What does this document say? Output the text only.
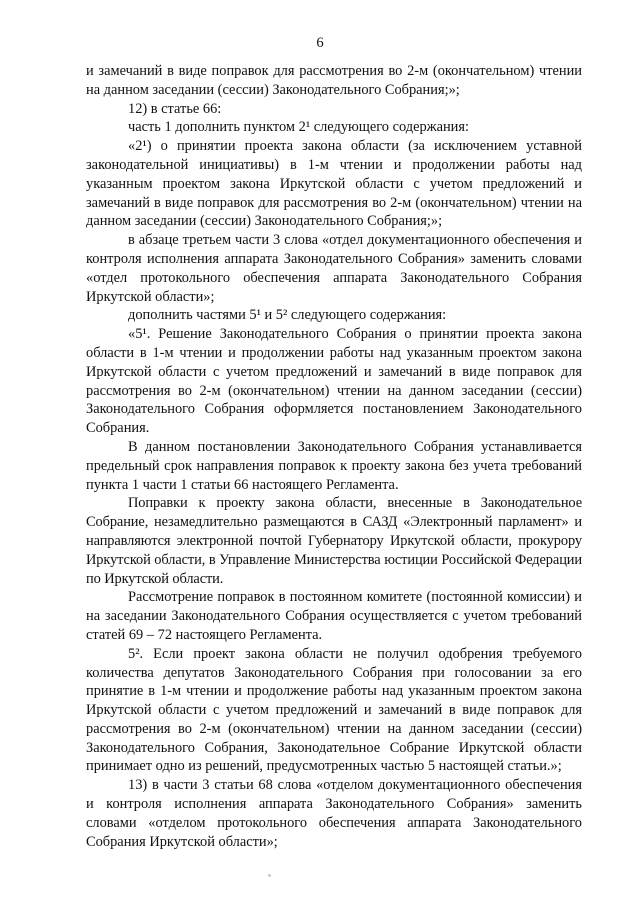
6

и замечаний в виде поправок для рассмотрения во 2-м (окончательном) чтении на данном заседании (сессии) Законодательного Собрания;»;

12) в статье 66:

часть 1 дополнить пунктом 2¹ следующего содержания:

«2¹) о принятии проекта закона области (за исключением уставной законодательной инициативы) в 1-м чтении и продолжении работы над указанным проектом закона Иркутской области с учетом предложений и замечаний в виде поправок для рассмотрения во 2-м (окончательном) чтении на данном заседании (сессии) Законодательного Собрания;»;

в абзаце третьем части 3 слова «отдел документационного обеспечения и контроля исполнения аппарата Законодательного Собрания» заменить словами «отдел протокольного обеспечения аппарата Законодательного Собрания Иркутской области»;

дополнить частями 5¹ и 5² следующего содержания:

«5¹. Решение Законодательного Собрания о принятии проекта закона области в 1-м чтении и продолжении работы над указанным проектом закона Иркутской области с учетом предложений и замечаний в виде поправок для рассмотрения во 2-м (окончательном) чтении на данном заседании (сессии) Законодательного Собрания оформляется постановлением Законодательного Собрания.

В данном постановлении Законодательного Собрания устанавливается предельный срок направления поправок к проекту закона без учета требований пункта 1 части 1 статьи 66 настоящего Регламента.

Поправки к проекту закона области, внесенные в Законодательное Собрание, незамедлительно размещаются в САЗД «Электронный парламент» и направляются электронной почтой Губернатору Иркутской области, прокурору Иркутской области, в Управление Министерства юстиции Российской Федерации по Иркутской области.

Рассмотрение поправок в постоянном комитете (постоянной комиссии) и на заседании Законодательного Собрания осуществляется с учетом требований статей 69 – 72 настоящего Регламента.

5². Если проект закона области не получил одобрения требуемого количества депутатов Законодательного Собрания при голосовании за его принятие в 1-м чтении и продолжение работы над указанным проектом закона Иркутской области с учетом предложений и замечаний в виде поправок для рассмотрения во 2-м (окончательном) чтении на данном заседании (сессии) Законодательного Собрания, Законодательное Собрание Иркутской области принимает одно из решений, предусмотренных частью 5 настоящей статьи.»;

13) в части 3 статьи 68 слова «отделом документационного обеспечения и контроля исполнения аппарата Законодательного Собрания» заменить словами «отделом протокольного обеспечения аппарата Законодательного Собрания Иркутской области»;
